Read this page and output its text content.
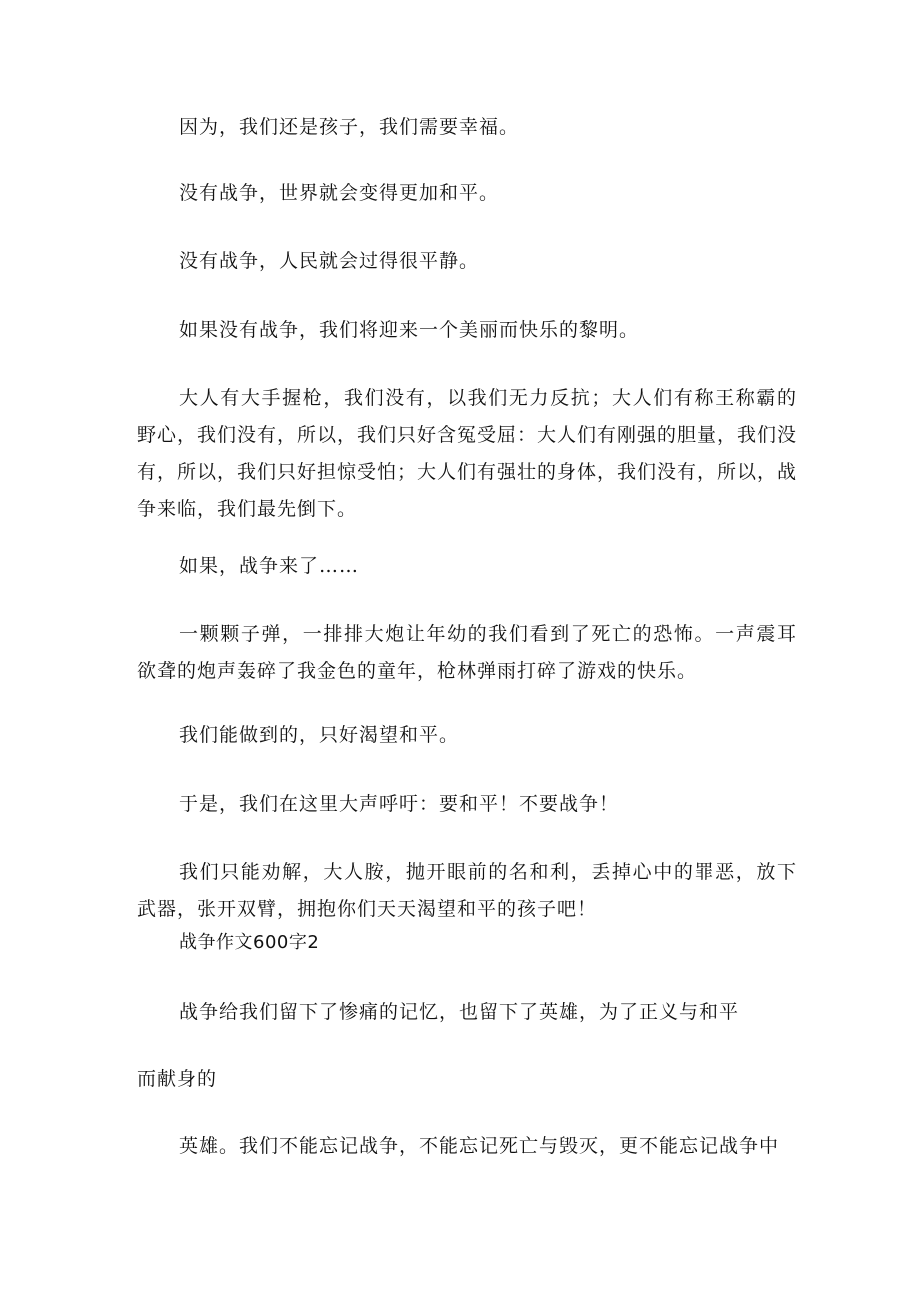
因为，我们还是孩子，我们需要幸福。

没有战争，世界就会变得更加和平。

没有战争，人民就会过得很平静。

如果没有战争，我们将迎来一个美丽而快乐的黎明。

大人有大手握枪，我们没有，以我们无力反抗；大人们有称王称霸的野心，我们没有，所以，我们只好含冤受屈：大人们有刚强的胆量，我们没有，所以，我们只好担惊受怕；大人们有强壮的身体，我们没有，所以，战争来临，我们最先倒下。

如果，战争来了……

一颗颗子弹，一排排大炮让年幼的我们看到了死亡的恐怖。一声震耳欲聋的炮声轰碎了我金色的童年，枪林弹雨打碎了游戏的快乐。

我们能做到的，只好渴望和平。

于是，我们在这里大声呼吁：要和平！不要战争！

我们只能劝解，大人胺，抛开眼前的名和利，丢掉心中的罪恶，放下武器，张开双臂，拥抱你们天天渴望和平的孩子吧！

战争作文600字2

战争给我们留下了惨痛的记忆，也留下了英雄，为了正义与和平

而献身的

英雄。我们不能忘记战争，不能忘记死亡与毁灭，更不能忘记战争中
